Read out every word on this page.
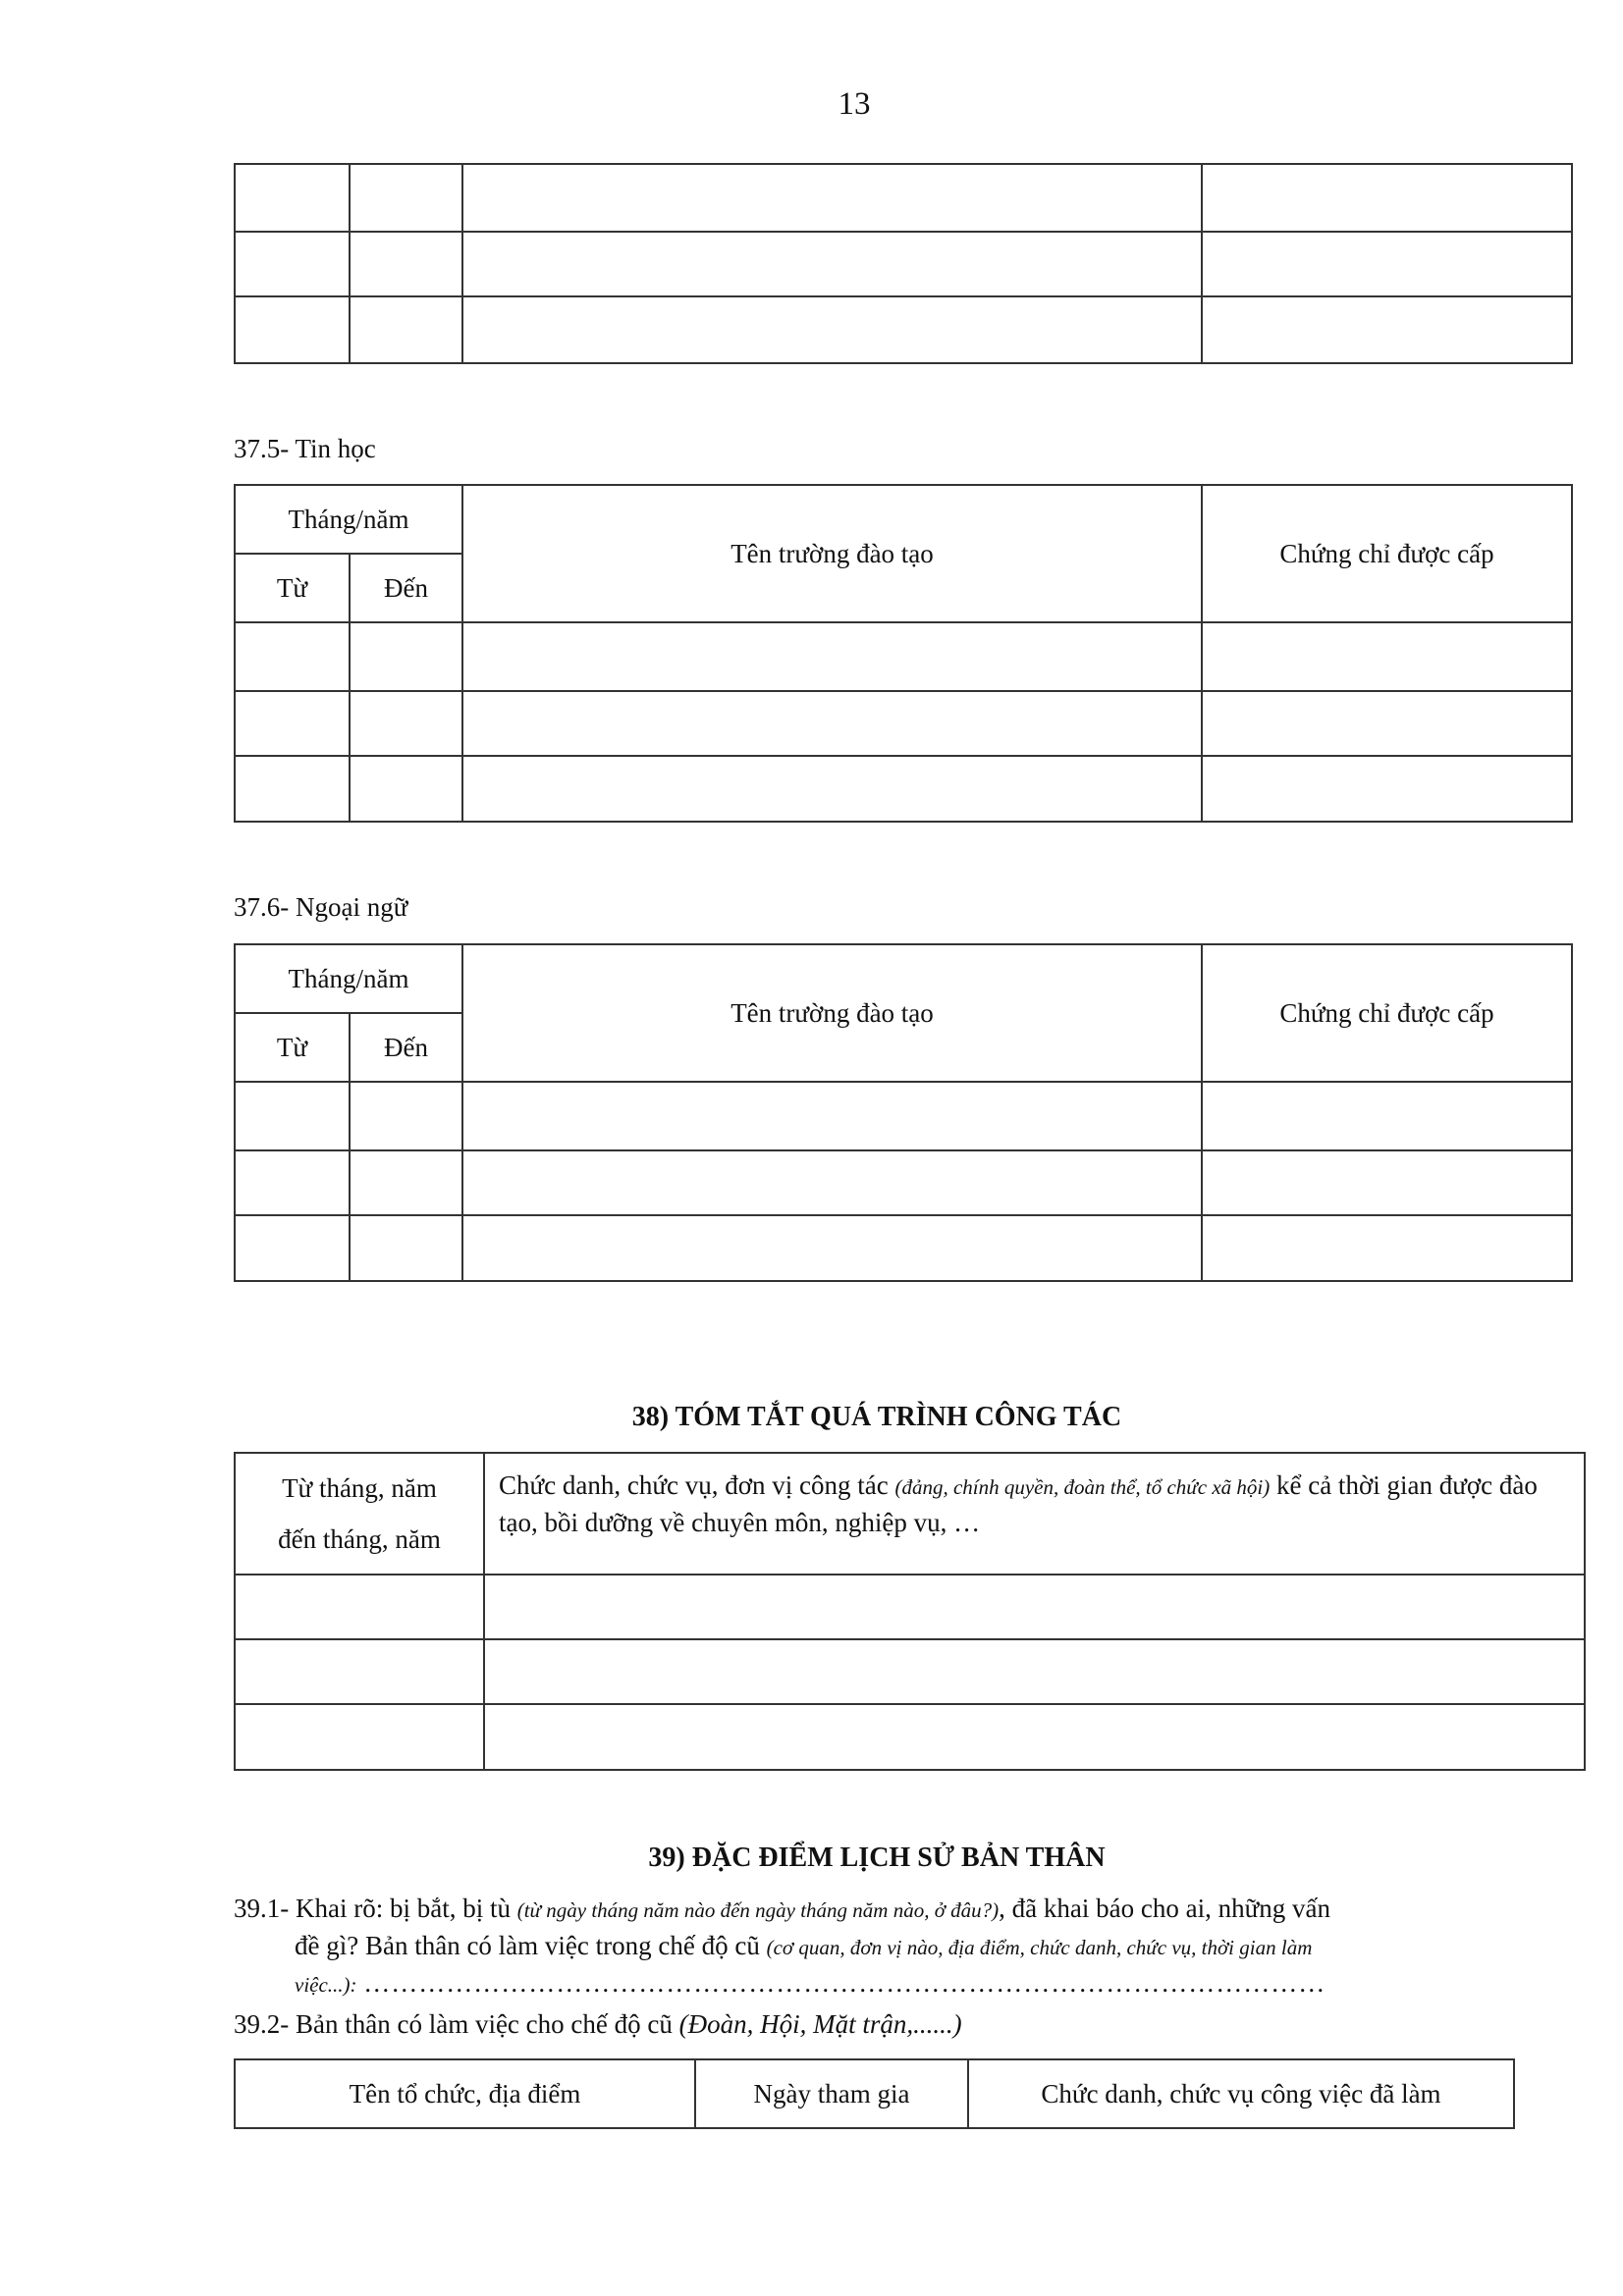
13

37.5- Tin học
Tháng/năm		Tên trường đào tạo	Chứng chỉ được cấp
Từ	Đến		

37.6- Ngoại ngữ
Tháng/năm		Tên trường đào tạo	Chứng chỉ được cấp
Từ	Đến		

38) TÓM TẮT QUÁ TRÌNH CÔNG TÁC
Từ tháng, năm
đến tháng, năm	Chức danh, chức vụ, đơn vị công tác (đảng, chính quyền, đoàn thể, tổ chức xã hội) kể cả thời gian được đào tạo, bồi dưỡng về chuyên môn, nghiệp vụ, …

39) ĐẶC ĐIỂM LỊCH SỬ BẢN THÂN
39.1- Khai rõ: bị bắt, bị tù (từ ngày tháng năm nào đến ngày tháng năm nào, ở đâu?), đã khai báo cho ai, những vấn
đề gì? Bản thân có làm việc trong chế độ cũ (cơ quan, đơn vị nào, địa điểm, chức danh, chức vụ, thời gian làm
việc...): ……………………………………………………………………………………………
39.2- Bản thân có làm việc cho chế độ cũ (Đoàn, Hội, Mặt trận,......)
Tên tổ chức, địa điểm	Ngày tham gia	Chức danh, chức vụ công việc đã làm
